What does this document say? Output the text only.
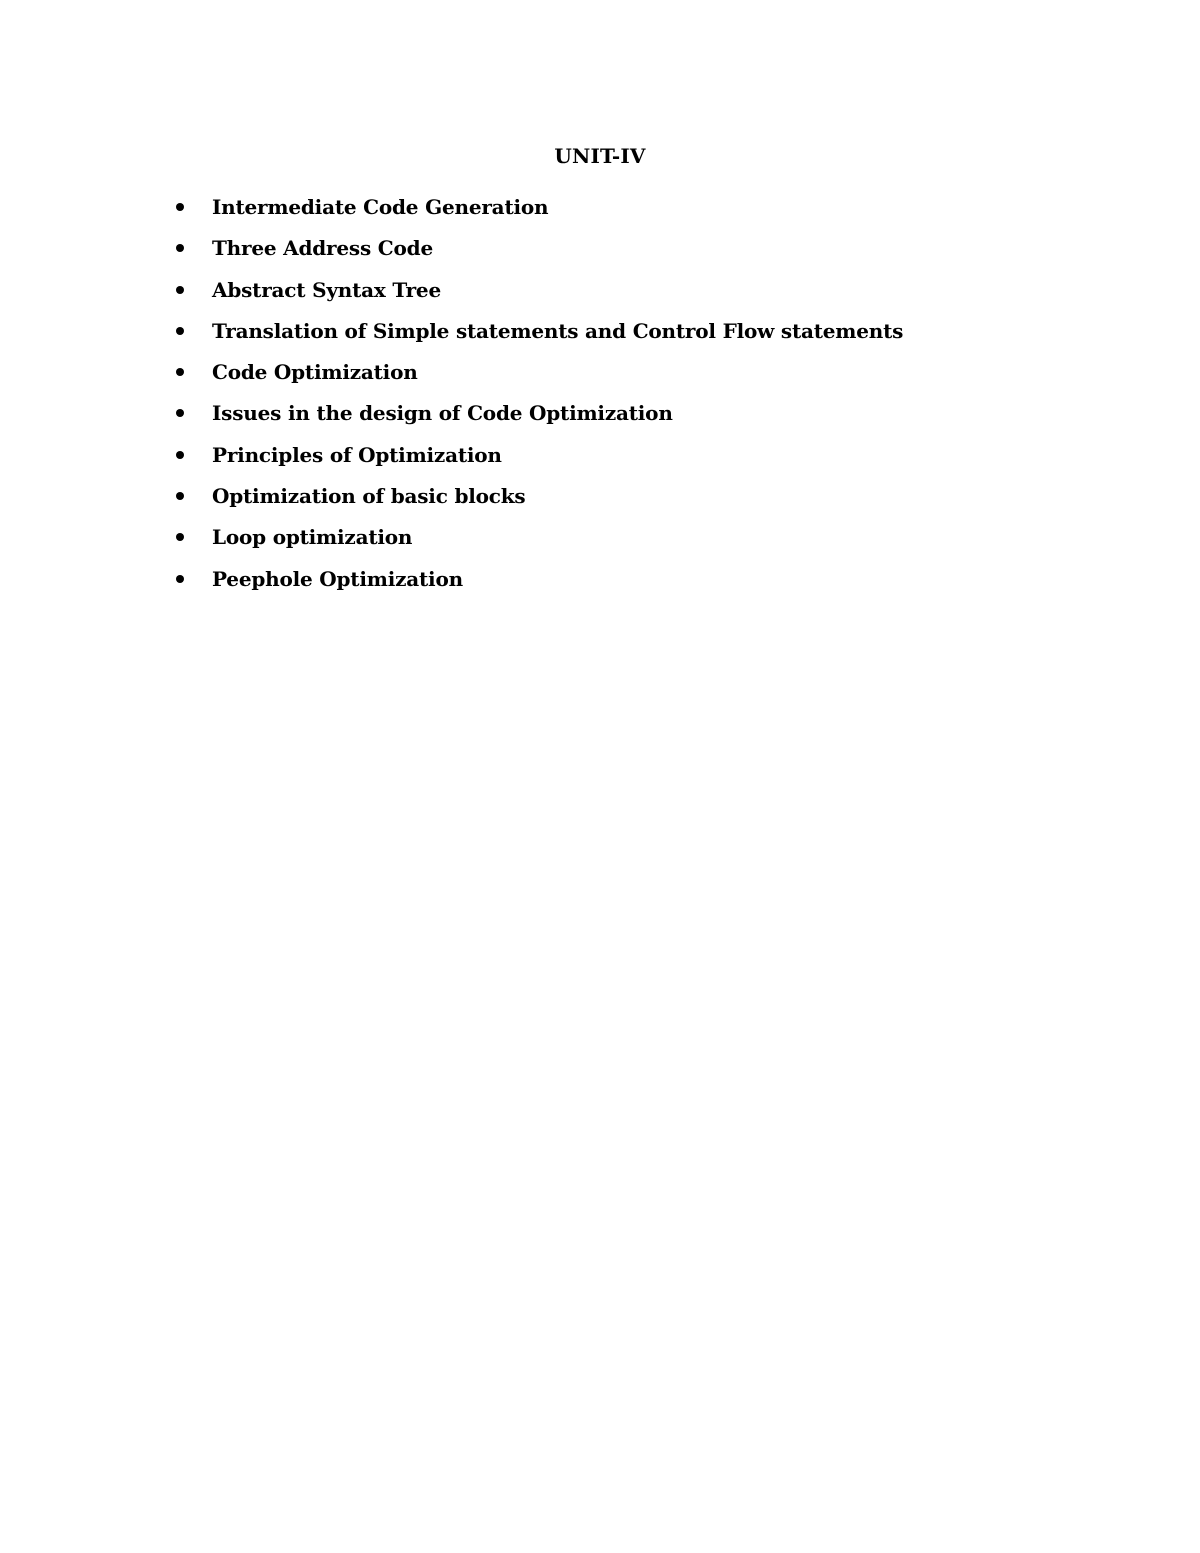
UNIT-IV
Intermediate Code Generation
Three Address Code
Abstract Syntax Tree
Translation of Simple statements and Control Flow statements
Code Optimization
Issues in the design of Code Optimization
Principles of Optimization
Optimization of basic blocks
Loop optimization
Peephole Optimization
